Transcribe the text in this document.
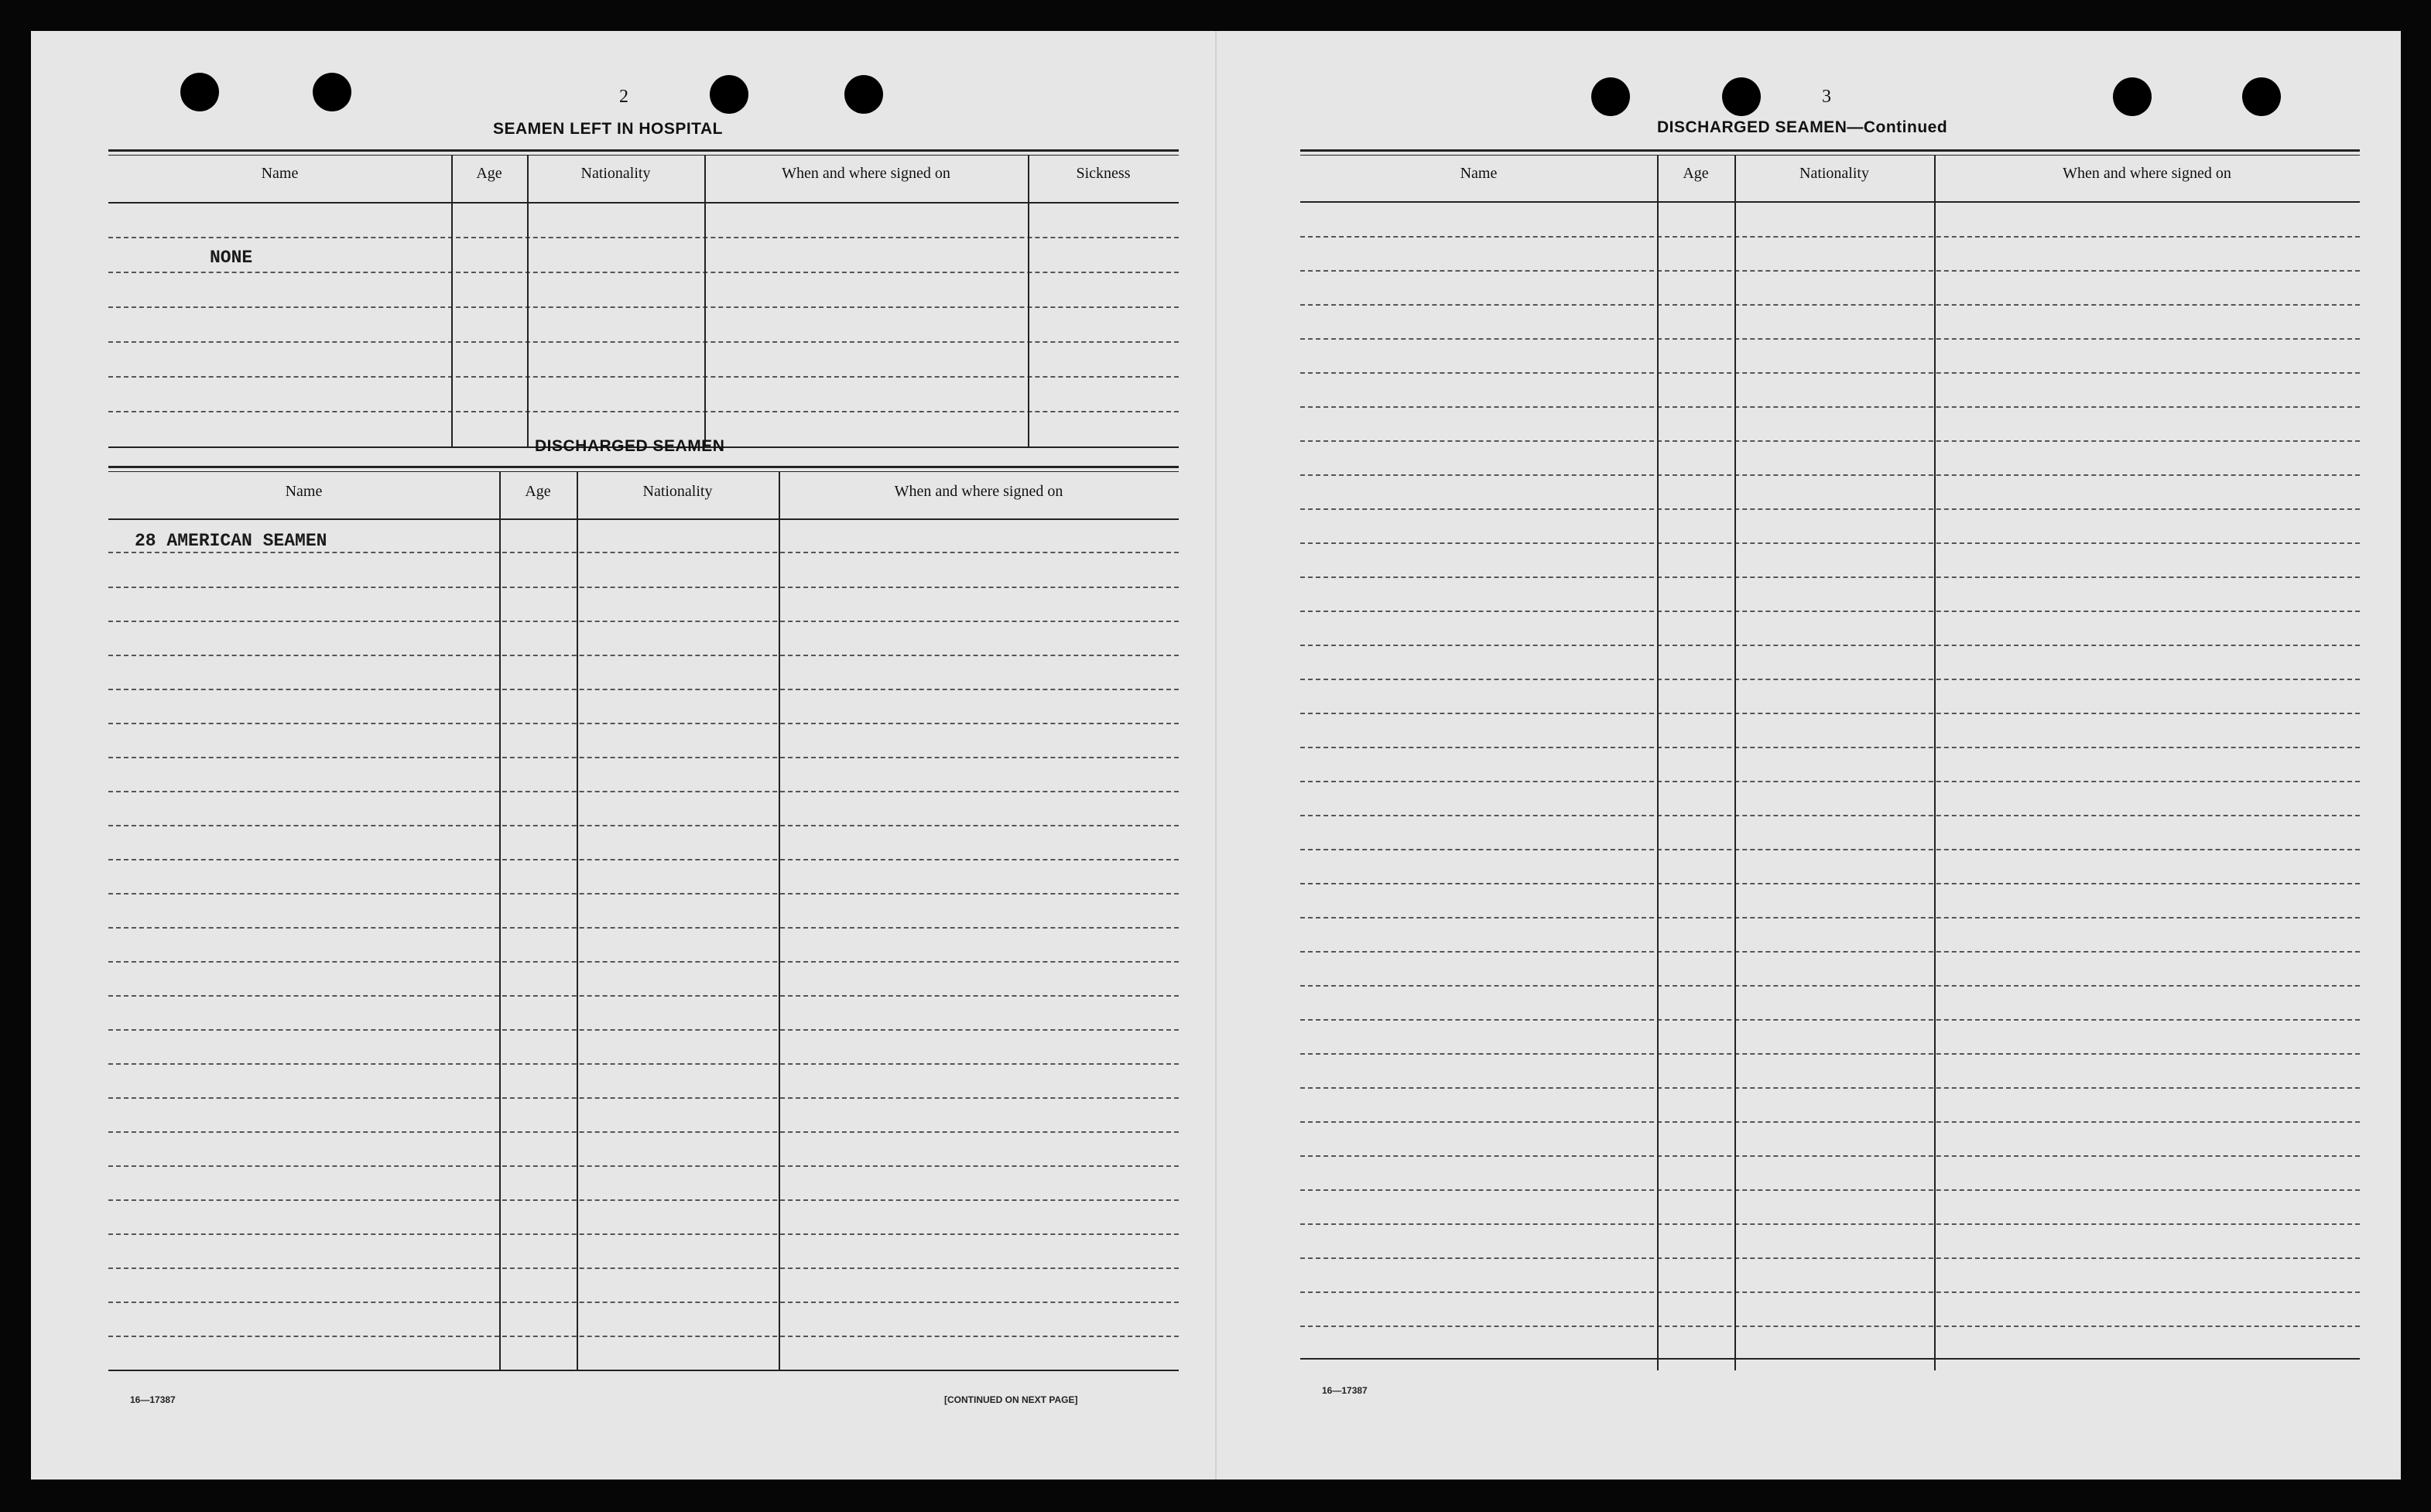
2
SEAMEN LEFT IN HOSPITAL
Name	Age	Nationality	When and where signed on	Sickness
NONE
DISCHARGED SEAMEN
Name	Age	Nationality	When and where signed on
28 AMERICAN SEAMEN
16—17387	[CONTINUED ON NEXT PAGE]
3
DISCHARGED SEAMEN—Continued
Name	Age	Nationality	When and where signed on
16—17387
